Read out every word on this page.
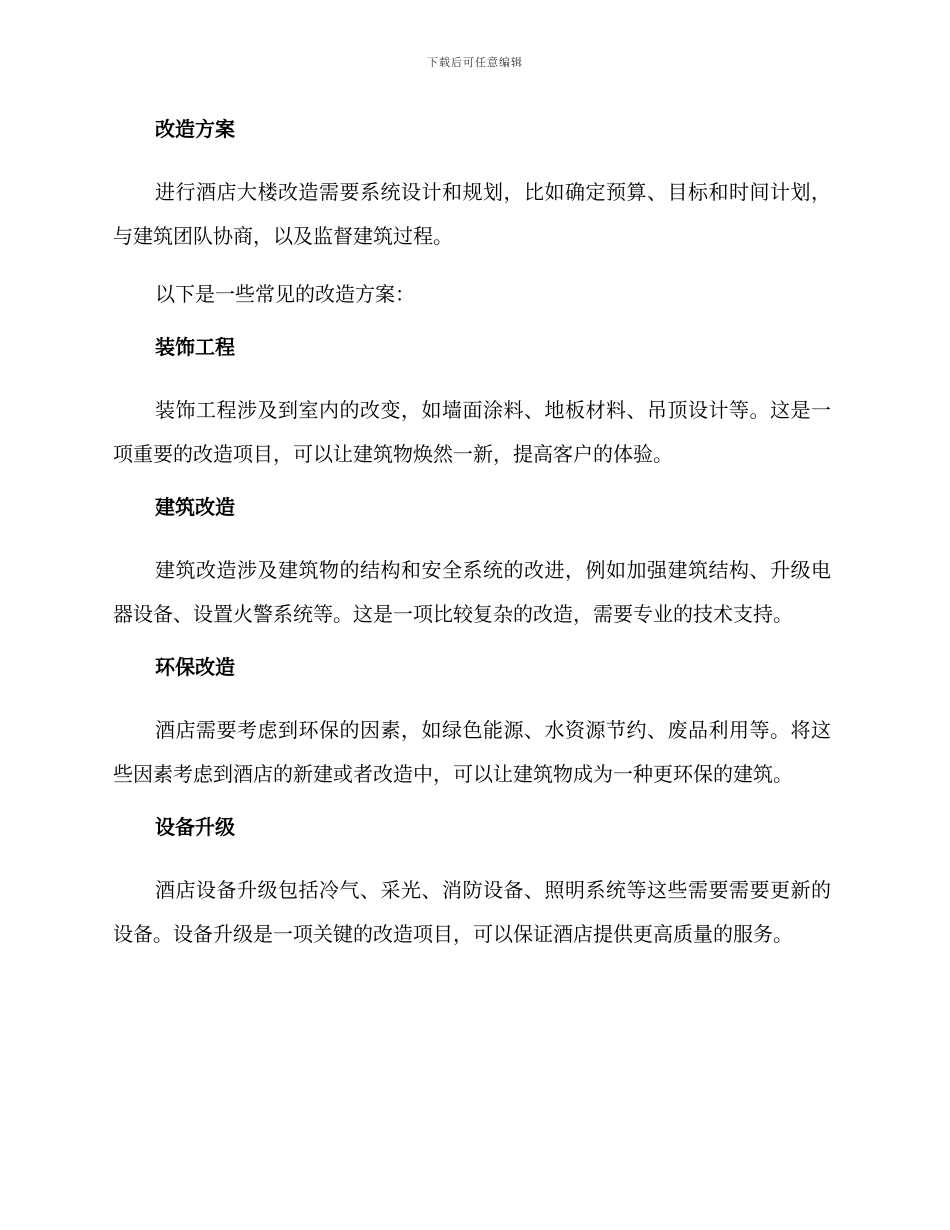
下载后可任意编辑
改造方案
进行酒店大楼改造需要系统设计和规划，比如确定预算、目标和时间计划，与建筑团队协商，以及监督建筑过程。
以下是一些常见的改造方案：
装饰工程
装饰工程涉及到室内的改变，如墙面涂料、地板材料、吊顶设计等。这是一项重要的改造项目，可以让建筑物焕然一新，提高客户的体验。
建筑改造
建筑改造涉及建筑物的结构和安全系统的改进，例如加强建筑结构、升级电器设备、设置火警系统等。这是一项比较复杂的改造，需要专业的技术支持。
环保改造
酒店需要考虑到环保的因素，如绿色能源、水资源节约、废品利用等。将这些因素考虑到酒店的新建或者改造中，可以让建筑物成为一种更环保的建筑。
设备升级
酒店设备升级包括冷气、采光、消防设备、照明系统等这些需要需要更新的设备。设备升级是一项关键的改造项目，可以保证酒店提供更高质量的服务。
